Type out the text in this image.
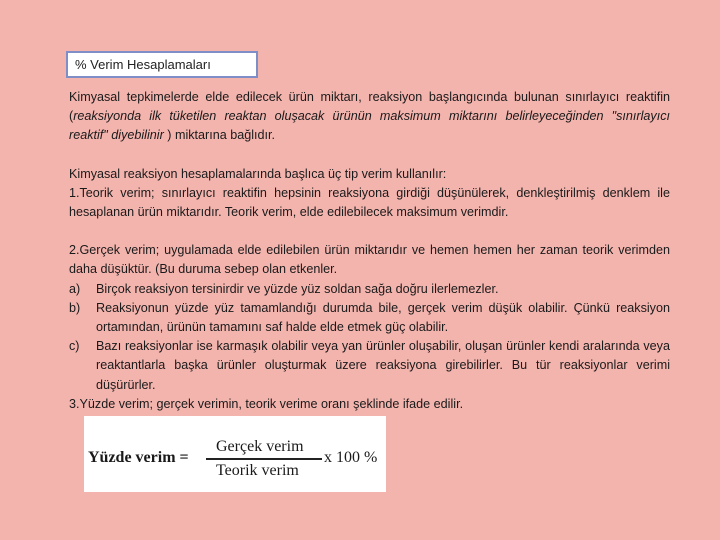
% Verim Hesaplamaları

Kimyasal tepkimelerde elde edilecek ürün miktarı, reaksiyon başlangıcında bulunan sınırlayıcı reaktifin (reaksiyonda ilk tüketilen reaktan oluşacak ürünün maksimum miktarını belirleyeceğinden "sınırlayıcı reaktif" diyebilinir ) miktarına bağlıdır.

Kimyasal reaksiyon hesaplamalarında başlıca üç tip verim kullanılır:

1.Teorik verim; sınırlayıcı reaktifin hepsinin reaksiyona girdiği düşünülerek, denkleştirilmiş denklem ile hesaplanan ürün miktarıdır. Teorik verim, elde edilebilecek maksimum verimdir.

2.Gerçek verim; uygulamada elde edilebilen ürün miktarıdır ve hemen hemen her zaman teorik verimden daha düşüktür. (Bu duruma sebep olan etkenler.

a)	Birçok reaksiyon tersinirdir ve yüzde yüz soldan sağa doğru ilerlemezler.
b)	Reaksiyonun yüzde yüz tamamlandığı durumda bile, gerçek verim düşük olabilir. Çünkü reaksiyon ortamından, ürünün tamamını saf halde elde etmek güç olabilir.
c)	Bazı reaksiyonlar ise karmaşık olabilir veya yan ürünler oluşabilir, oluşan ürünler kendi aralarında veya reaktantlarla başka ürünler oluşturmak üzere reaksiyona girebilirler. Bu tür reaksiyonlar verimi düşürürler.

3.Yüzde verim; gerçek verimin, teorik verime oranı şeklinde ifade edilir.

Yüzde verim =
Gerçek verim
Teorik verim
x 100 %
